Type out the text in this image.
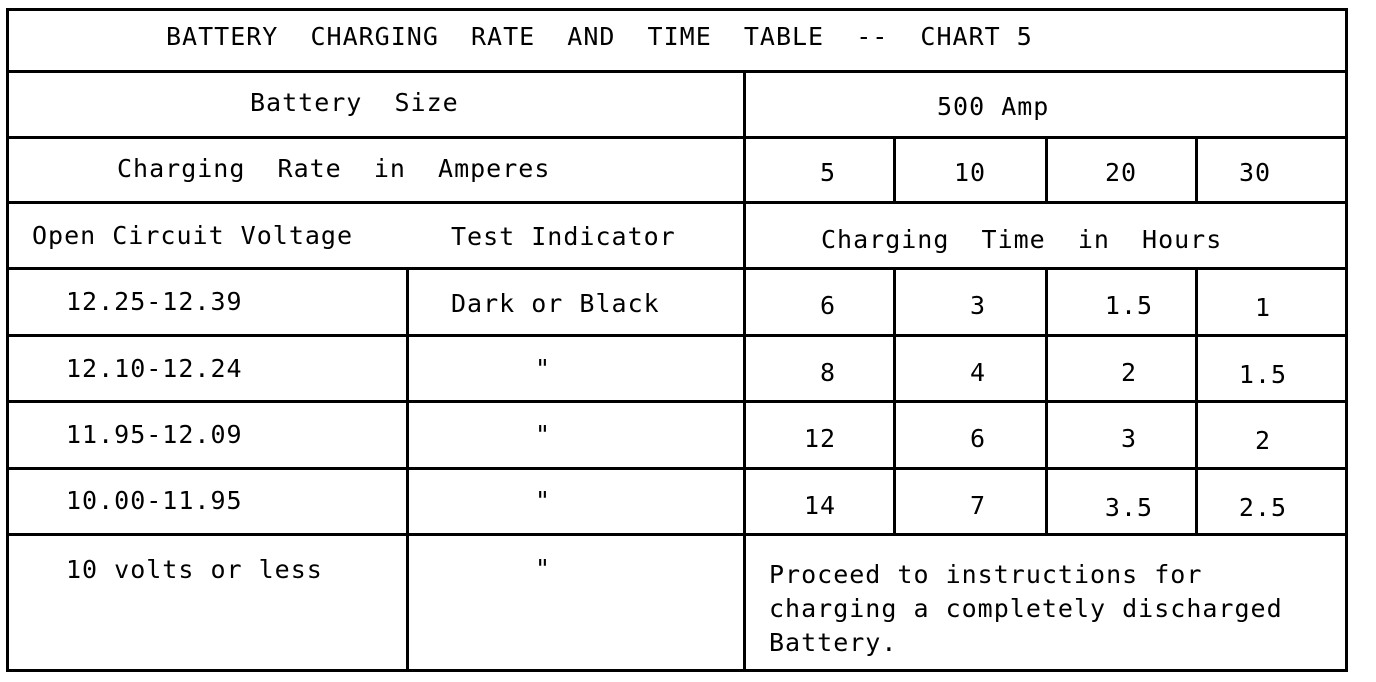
BATTERY  CHARGING  RATE  AND  TIME  TABLE  --  CHART 5
Battery  Size	500 Amp
Charging  Rate  in  Amperes	5	10	20	30
Open Circuit Voltage	Test Indicator	Charging  Time  in  Hours
12.25-12.39	Dark or Black	6	3	1.5	1
12.10-12.24	"	8	4	2	1.5
11.95-12.09	"	12	6	3	2
10.00-11.95	"	14	7	3.5	2.5
10 volts or less	"	Proceed to instructions for
charging a completely discharged
Battery.
